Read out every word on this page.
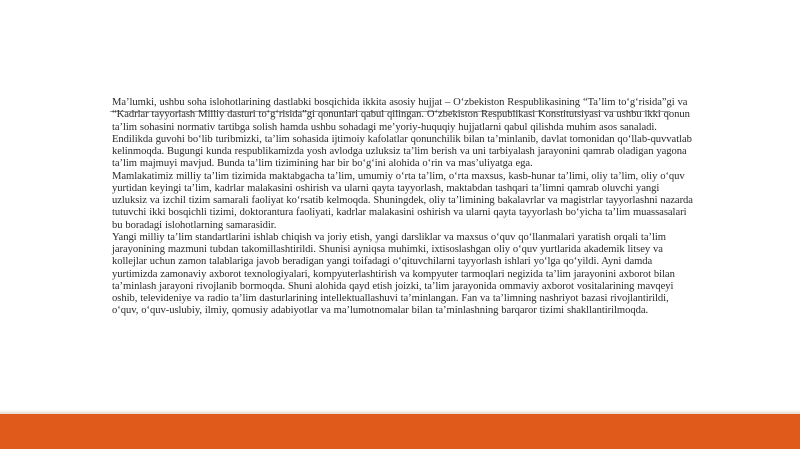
Ma’lumki, ushbu soha islohotlarining dastlabki bosqichida ikkita asosiy hujjat – O‘zbekiston Respublikasining “Ta’lim to‘g‘risida”gi va “Kadrlar tayyorlash Milliy dasturi to‘g‘risida”gi qonunlari qabul qilingan. O‘zbekiston Respublikasi Konstitutsiyasi va ushbu ikki qonun ta’lim sohasini normativ tartibga solish hamda ushbu sohadagi me’yoriy-huquqiy hujjatlarni qabul qilishda muhim asos sanaladi. Endilikda guvohi bo‘lib turibmizki, ta’lim sohasida ijtimoiy kafolatlar qonunchilik bilan ta’minlanib, davlat tomonidan qo‘llab-quvvatlab kelinmoqda. Bugungi kunda respublikamizda yosh avlodga uzluksiz ta’lim berish va uni tarbiyalash jarayonini qamrab oladigan yagona ta’lim majmuyi mavjud. Bunda ta’lim tizimining har bir bo‘g‘ini alohida o‘rin va mas’uliyatga ega.

Mamlakatimiz milliy ta’lim tizimida maktabgacha ta’lim, umumiy o‘rta ta’lim, o‘rta maxsus, kasb-hunar ta’limi, oliy ta’lim, oliy o‘quv yurtidan keyingi ta’lim, kadrlar malakasini oshirish va ularni qayta tayyorlash, maktabdan tashqari ta’limni qamrab oluvchi yangi uzluksiz va izchil tizim samarali faoliyat ko‘rsatib kelmoqda. Shuningdek, oliy ta’limining bakalavrlar va magistrlar tayyorlashni nazarda tutuvchi ikki bosqichli tizimi, doktorantura faoliyati, kadrlar malakasini oshirish va ularni qayta tayyorlash bo‘yicha ta’lim muassasalari bu boradagi islohotlarning samarasidir.

Yangi milliy ta’lim standartlarini ishlab chiqish va joriy etish, yangi darsliklar va maxsus o‘quv qo‘llanmalari yaratish orqali ta’lim jarayonining mazmuni tubdan takomillashtirildi. Shunisi ayniqsa muhimki, ixtisoslashgan oliy o‘quv yurtlarida akademik litsey va kollejlar uchun zamon talablariga javob beradigan yangi toifadagi o‘qituvchilarni tayyorlash ishlari yo‘lga qo‘yildi. Ayni damda yurtimizda zamonaviy axborot texnologiyalari, kompyuterlashtirish va kompyuter tarmoqlari negizida ta’lim jarayonini axborot bilan ta’minlash jarayoni rivojlanib bormoqda. Shuni alohida qayd etish joizki, ta’lim jarayonida ommaviy axborot vositalarining mavqeyi oshib, televideniye va radio ta’lim dasturlarining intellektuallashuvi ta’minlangan. Fan va ta’limning nashriyot bazasi rivojlantirildi, o‘quv, o‘quv-uslubiy, ilmiy, qomusiy adabiyotlar va ma’lumotnomalar bilan ta’minlashning barqaror tizimi shakllantirilmoqda.
